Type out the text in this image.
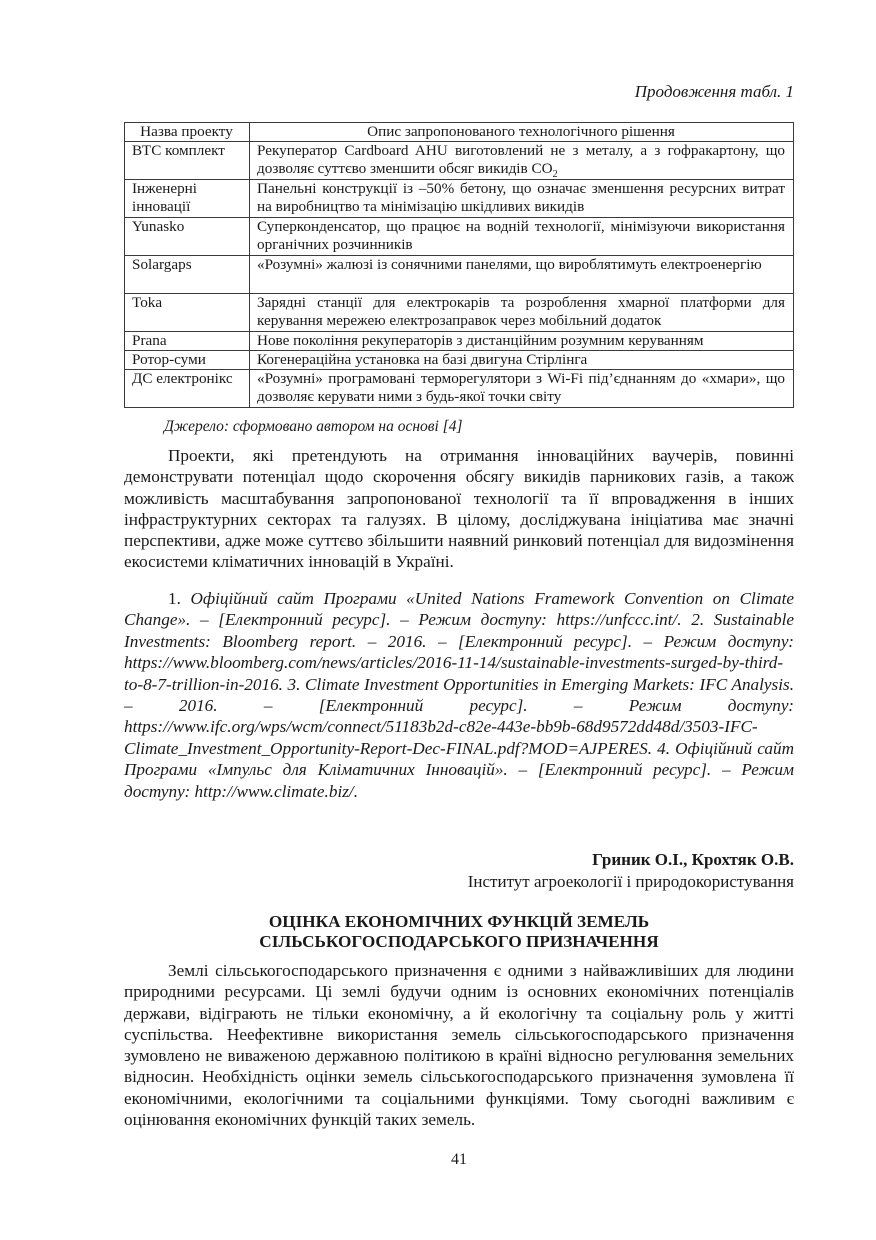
Продовження табл. 1
Назва проекту	Опис запропонованого технологічного рішення
ВТС комплект	Рекуператор Cardboard AHU виготовлений не з металу, а з гофракартону, що дозволяє суттєво зменшити обсяг викидів $CO_2$
Інженерні інновації	Панельні конструкції із –50% бетону, що означає зменшення ресурсних витрат на виробництво та мінімізацію шкідливих викидів
Yunasko	Суперконденсатор, що працює на водній технології, мінімізуючи використання органічних розчинників
Solargaps	«Розумні» жалюзі із сонячними панелями, що вироблятимуть електроенергію
Toka	Зарядні станції для електрокарів та розроблення хмарної платформи для керування мережею електрозаправок через мобільний додаток
Prana	Нове покоління рекуператорів з дистанційним розумним керуванням
Ротор-суми	Когенераційна установка на базі двигуна Стірлінга
ДС електронікс	«Розумні» програмовані терморегулятори з Wi-Fi під’єднанням до «хмари», що дозволяє керувати ними з будь-якої точки світу
Джерело: сформовано автором на основі [4]

Проекти, які претендують на отримання інноваційних ваучерів, повинні демонструвати потенціал щодо скорочення обсягу викидів парникових газів, а також можливість масштабування запропонованої технології та її впровадження в інших інфраструктурних секторах та галузях. В цілому, досліджувана ініціатива має значні перспективи, адже може суттєво збільшити наявний ринковий потенціал для видозмінення екосистеми кліматичних інновацій в Україні.

1. Офіційний сайт Програми «United Nations Framework Convention on Climate Change». – [Електронний ресурс]. – Режим доступу: https://unfccc.int/. 2. Sustainable Investments: Bloomberg report. – 2016. – [Електронний ресурс]. – Режим доступу: https://www.bloomberg.com/news/articles/2016-11-14/sustainable-investments-surged-by-third-to-8-7-trillion-in-2016. 3. Climate Investment Opportunities in Emerging Markets: IFC Analysis. – 2016. – [Електронний ресурс]. – Режим доступу: https://www.ifc.org/wps/wcm/connect/51183b2d-c82e-443e-bb9b-68d9572dd48d/3503-IFC-Climate_Investment_Opportunity-Report-Dec-FINAL.pdf?MOD=AJPERES. 4. Офіційний сайт Програми «Імпульс для Кліматичних Інновацій». – [Електронний ресурс]. – Режим доступу: http://www.climate.biz/.

Гриник О.І., Крохтяк О.В.
Інститут агроекології і природокористування
ОЦІНКА ЕКОНОМІЧНИХ ФУНКЦІЙ ЗЕМЕЛЬ
СІЛЬСЬКОГОСПОДАРСЬКОГО ПРИЗНАЧЕННЯ

Землі сільськогосподарського призначення є одними з найважливіших для людини природними ресурсами. Ці землі будучи одним із основних економічних потенціалів держави, відіграють не тільки економічну, а й екологічну та соціальну роль у житті суспільства. Неефективне використання земель сільськогосподарського призначення зумовлено не виваженою державною політикою в країні відносно регулювання земельних відносин. Необхідність оцінки земель сільськогосподарського призначення зумовлена її економічними, екологічними та соціальними функціями. Тому сьогодні важливим є оцінювання економічних функцій таких земель.

41
